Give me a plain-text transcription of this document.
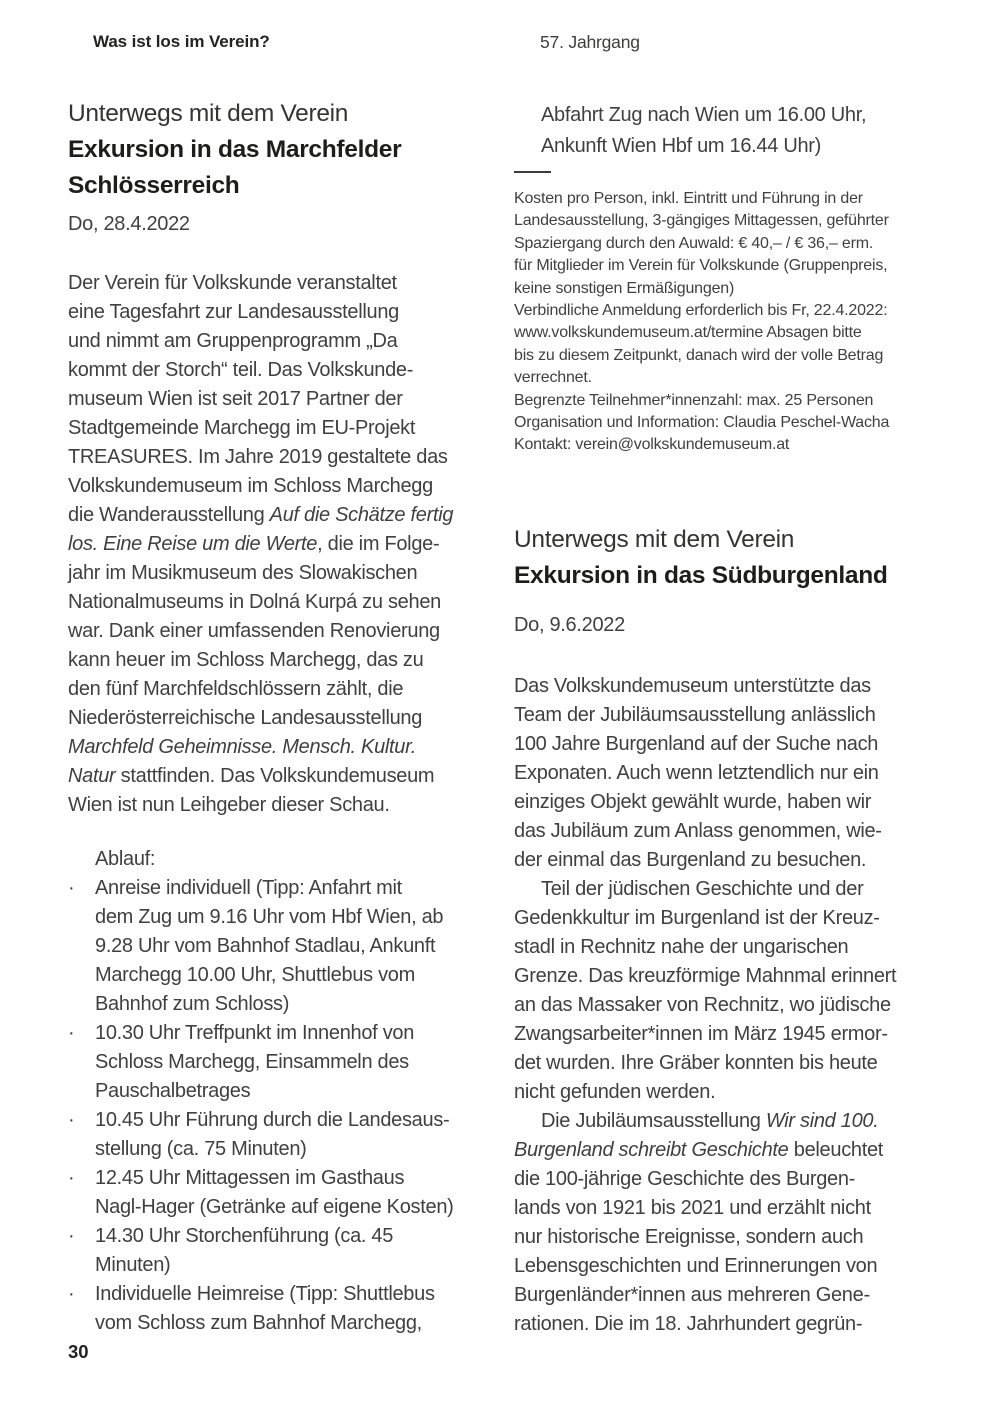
Was ist los im Verein?	57. Jahrgang
Unterwegs mit dem Verein
Exkursion in das Marchfelder
Schlösserreich
Do, 28.4.2022
Der Verein für Volkskunde veranstaltet
eine Tagesfahrt zur Landesausstellung
und nimmt am Gruppenprogramm „Da
kommt der Storch“ teil. Das Volkskunde-
museum Wien ist seit 2017 Partner der
Stadtgemeinde Marchegg im EU-Projekt
TREASURES. Im Jahre 2019 gestaltete das
Volkskundemuseum im Schloss Marchegg
die Wanderausstellung Auf die Schätze fertig
los. Eine Reise um die Werte, die im Folge-
jahr im Musikmuseum des Slowakischen
Nationalmuseums in Dolná Kurpá zu sehen
war. Dank einer umfassenden Renovierung
kann heuer im Schloss Marchegg, das zu
den fünf Marchfeldschlössern zählt, die
Niederösterreichische Landesausstellung
Marchfeld Geheimnisse. Mensch. Kultur.
Natur stattfinden. Das Volkskundemuseum
Wien ist nun Leihgeber dieser Schau.
Ablauf:
·	Anreise individuell (Tipp: Anfahrt mit
dem Zug um 9.16 Uhr vom Hbf Wien, ab
9.28 Uhr vom Bahnhof Stadlau, Ankunft
Marchegg 10.00 Uhr, Shuttlebus vom
Bahnhof zum Schloss)
·	10.30 Uhr Treffpunkt im Innenhof von
Schloss Marchegg, Einsammeln des
Pauschalbetrages
·	10.45 Uhr Führung durch die Landesaus-
stellung (ca. 75 Minuten)
·	12.45 Uhr Mittagessen im Gasthaus
Nagl-Hager (Getränke auf eigene Kosten)
·	14.30 Uhr Storchenführung (ca. 45
Minuten)
·	Individuelle Heimreise (Tipp: Shuttlebus
vom Schloss zum Bahnhof Marchegg,
Abfahrt Zug nach Wien um 16.00 Uhr,
Ankunft Wien Hbf um 16.44 Uhr)
Kosten pro Person, inkl. Eintritt und Führung in der
Landesausstellung, 3-gängiges Mittagessen, geführter
Spaziergang durch den Auwald: € 40,– / € 36,– erm.
für Mitglieder im Verein für Volkskunde (Gruppenpreis,
keine sonstigen Ermäßigungen)
Verbindliche Anmeldung erforderlich bis Fr, 22.4.2022:
www.volkskundemuseum.at/termine Absagen bitte
bis zu diesem Zeitpunkt, danach wird der volle Betrag
verrechnet.
Begrenzte Teilnehmer*innenzahl: max. 25 Personen
Organisation und Information: Claudia Peschel-Wacha
Kontakt: verein@volkskundemuseum.at
Unterwegs mit dem Verein
Exkursion in das Südburgenland
Do, 9.6.2022
Das Volkskundemuseum unterstützte das
Team der Jubiläumsausstellung anlässlich
100 Jahre Burgenland auf der Suche nach
Exponaten. Auch wenn letztendlich nur ein
einziges Objekt gewählt wurde, haben wir
das Jubiläum zum Anlass genommen, wie-
der einmal das Burgenland zu besuchen.
Teil der jüdischen Geschichte und der
Gedenkkultur im Burgenland ist der Kreuz-
stadl in Rechnitz nahe der ungarischen
Grenze. Das kreuzförmige Mahnmal erinnert
an das Massaker von Rechnitz, wo jüdische
Zwangsarbeiter*innen im März 1945 ermor-
det wurden. Ihre Gräber konnten bis heute
nicht gefunden werden.
Die Jubiläumsausstellung Wir sind 100.
Burgenland schreibt Geschichte beleuchtet
die 100-jährige Geschichte des Burgen-
lands von 1921 bis 2021 und erzählt nicht
nur historische Ereignisse, sondern auch
Lebensgeschichten und Erinnerungen von
Burgenländer*innen aus mehreren Gene-
rationen. Die im 18. Jahrhundert gegrün-
30
